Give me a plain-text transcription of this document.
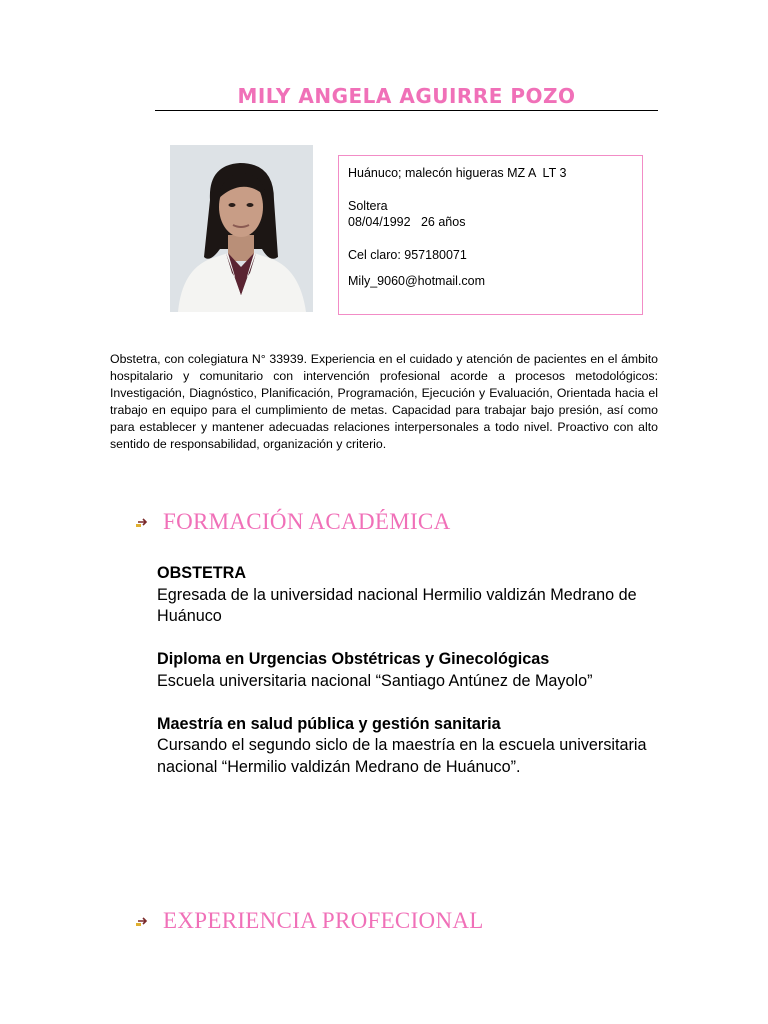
MILY ANGELA AGUIRRE POZO
Huánuco; malecón higueras MZ A  LT 3
Soltera
08/04/1992   26 años
Cel claro: 957180071
Mily_9060@hotmail.com
Obstetra, con colegiatura N° 33939. Experiencia en el cuidado y atención de pacientes en el ámbito hospitalario y comunitario con intervención profesional acorde a procesos metodológicos: Investigación, Diagnóstico, Planificación, Programación, Ejecución y Evaluación, Orientada hacia el trabajo en equipo para el cumplimiento de metas. Capacidad para trabajar bajo presión, así como para establecer y mantener adecuadas relaciones interpersonales a todo nivel. Proactivo con alto sentido de responsabilidad, organización y criterio.
FORMACIÓN ACADÉMICA
OBSTETRA
Egresada de la universidad nacional Hermilio valdizán Medrano de Huánuco
Diploma en Urgencias Obstétricas y Ginecológicas
Escuela universitaria nacional “Santiago Antúnez de Mayolo”
Maestría en salud pública y gestión sanitaria
Cursando el segundo siclo de la maestría en la escuela universitaria nacional “Hermilio valdizán Medrano de Huánuco”.
EXPERIENCIA PROFECIONAL
